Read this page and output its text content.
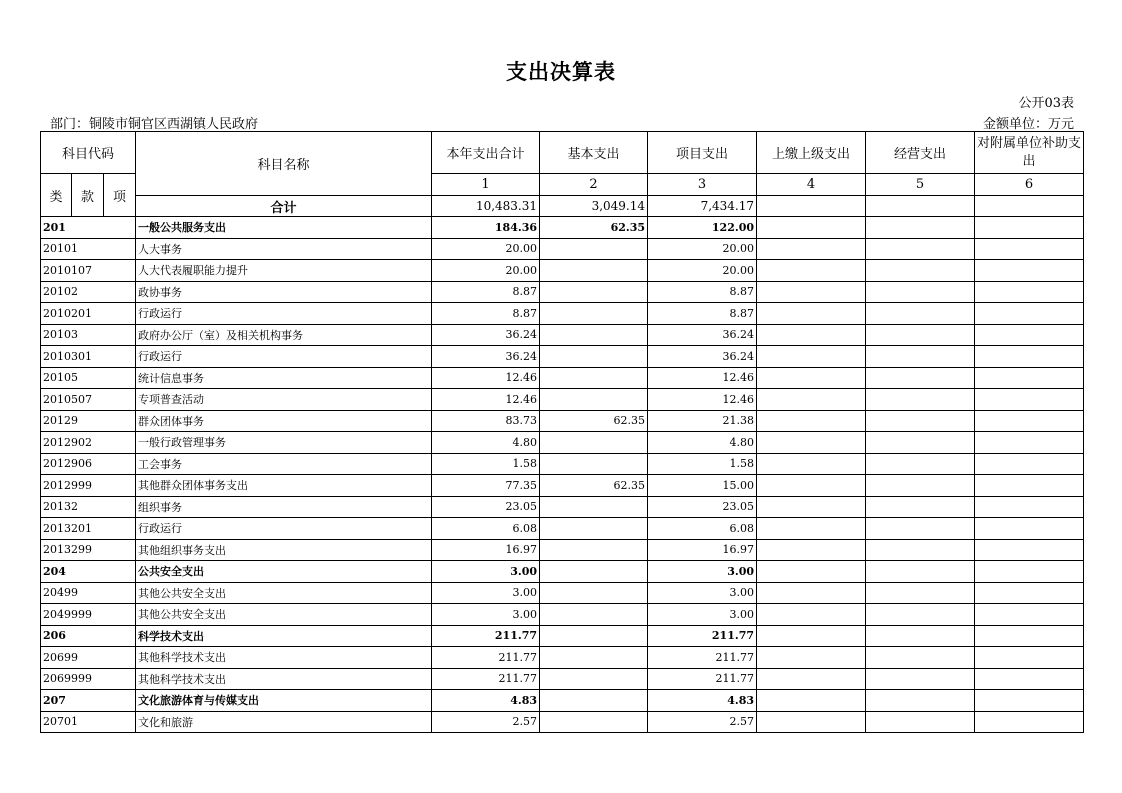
支出决算表
公开03表
部门：铜陵市铜官区西湖镇人民政府	金额单位：万元
科目代码			科目名称	本年支出合计	基本支出	项目支出	上缴上级支出	经营支出	对附属单位补助支出
类	款	项		1	2	3	4	5	6
			合计	10,483.31	3,049.14	7,434.17			
201			一般公共服务支出	184.36	62.35	122.00			
20101			人大事务	20.00		20.00			
2010107			人大代表履职能力提升	20.00		20.00			
20102			政协事务	8.87		8.87			
2010201			行政运行	8.87		8.87			
20103			政府办公厅（室）及相关机构事务	36.24		36.24			
2010301			行政运行	36.24		36.24			
20105			统计信息事务	12.46		12.46			
2010507			专项普查活动	12.46		12.46			
20129			群众团体事务	83.73	62.35	21.38			
2012902			一般行政管理事务	4.80		4.80			
2012906			工会事务	1.58		1.58			
2012999			其他群众团体事务支出	77.35	62.35	15.00			
20132			组织事务	23.05		23.05			
2013201			行政运行	6.08		6.08			
2013299			其他组织事务支出	16.97		16.97			
204			公共安全支出	3.00		3.00			
20499			其他公共安全支出	3.00		3.00			
2049999			其他公共安全支出	3.00		3.00			
206			科学技术支出	211.77		211.77			
20699			其他科学技术支出	211.77		211.77			
2069999			其他科学技术支出	211.77		211.77			
207			文化旅游体育与传媒支出	4.83		4.83			
20701			文化和旅游	2.57		2.57			
